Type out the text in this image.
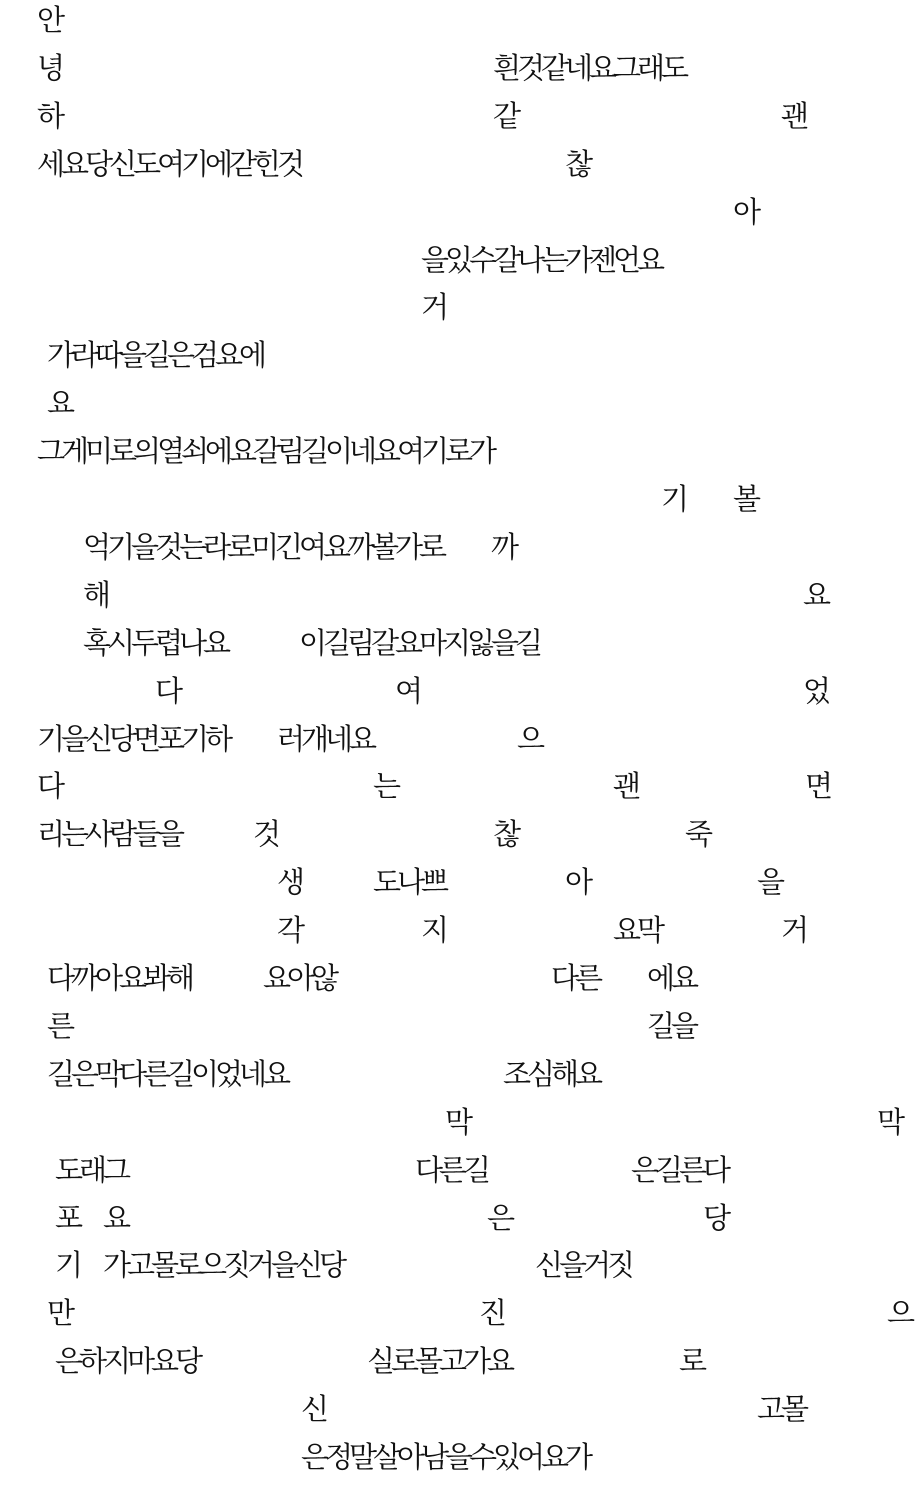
안
녕	흰
것
같
네
요
그
래
도
하	같	괜
세
요
당
신
도
여
기
에
갇
힌
것	찮
아
을
있
수
갈
나
는
가
젠
언
요
거
가
라
따
을
길
은
검
요
에
요
그
게
미
로
의
열
쇠
에
요
갈
림
길
이
네
요
여
기
로
가
기 볼
억
기
을
것
는
라
로
미
긴
여
요
까
볼
가
로 까
해	요
혹
시
두
렵
나
요 이
길
림
갈
요
마
지
잃
을
길
다	여	었
기
을
신
당
면
포
기
하 러
개
네
요	으
다	는	괜	면
리
는
사
람
들
을 것	찮	죽
생 도
나
쁘	아	을
각	지	요
막	거
다
까
아
요
봐
해 요
아
않	다
른 에
요
른	길
을
길
은
막
다
른
길
이
었
네
요	조
심
해
요
막	막
도
래
그	다
른
길	은
길
른
다
포 요	은	당
기 가
고
몰
로
으
짓
거
을
신
당	신
을
거
짓
만	진	으
은
하
지
마
요
당	실
로
몰
고
가
요	로
신	고
몰
은
정
말
살
아
남
을
수
있
어
요
가
